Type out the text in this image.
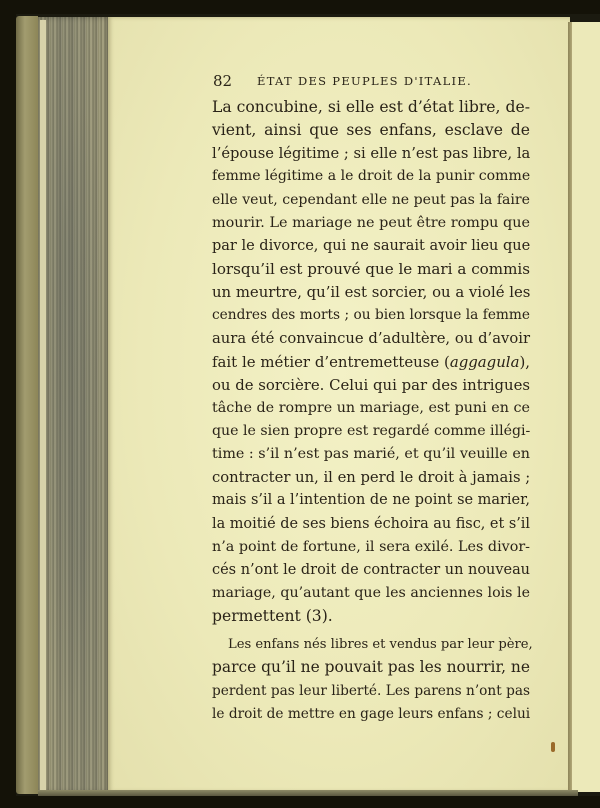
82 ÉTAT DES PEUPLES D'ITALIE.
La concubine, si elle est d’état libre, de-
vient, ainsi que ses enfans, esclave de
l’épouse légitime ; si elle n’est pas libre, la
femme légitime a le droit de la punir comme
elle veut, cependant elle ne peut pas la faire
mourir. Le mariage ne peut être rompu que
par le divorce, qui ne saurait avoir lieu que
lorsqu’il est prouvé que le mari a commis
un meurtre, qu’il est sorcier, ou a violé les
cendres des morts ; ou bien lorsque la femme
aura été convaincue d’adultère, ou d’avoir
fait le métier d’entremetteuse (aggagula),
ou de sorcière. Celui qui par des intrigues
tâche de rompre un mariage, est puni en ce
que le sien propre est regardé comme illégi-
time : s’il n’est pas marié, et qu’il veuille en
contracter un, il en perd le droit à jamais ;
mais s’il a l’intention de ne point se marier,
la moitié de ses biens échoira au fisc, et s’il
n’a point de fortune, il sera exilé. Les divor-
cés n’ont le droit de contracter un nouveau
mariage, qu’autant que les anciennes lois le
permettent (3).
Les enfans nés libres et vendus par leur père,
parce qu’il ne pouvait pas les nourrir, ne
perdent pas leur liberté. Les parens n’ont pas
le droit de mettre en gage leurs enfans ; celui
